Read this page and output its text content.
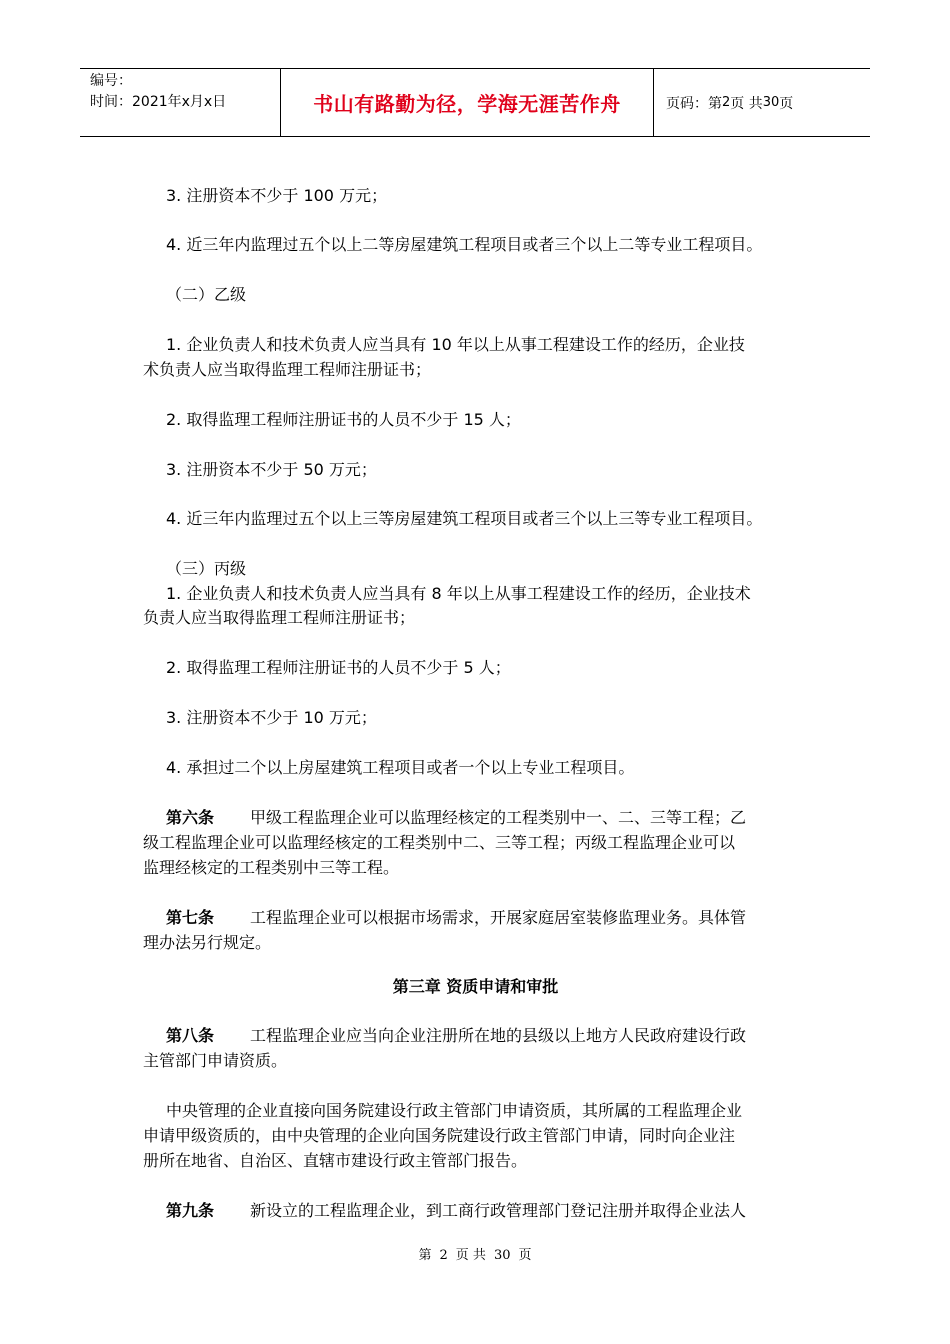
编号：
时间：2021年x月x日	书山有路勤为径，学海无涯苦作舟	页码：第 2 页 共 30 页
3. 注册资本不少于 100 万元；
4. 近三年内监理过五个以上二等房屋建筑工程项目或者三个以上二等专业工程项目。
（二）乙级
1. 企业负责人和技术负责人应当具有 10 年以上从事工程建设工作的经历，企业技
术负责人应当取得监理工程师注册证书；
2. 取得监理工程师注册证书的人员不少于 15 人；
3. 注册资本不少于 50 万元；
4. 近三年内监理过五个以上三等房屋建筑工程项目或者三个以上三等专业工程项目。
（三）丙级
1. 企业负责人和技术负责人应当具有 8 年以上从事工程建设工作的经历，企业技术
负责人应当取得监理工程师注册证书；
2. 取得监理工程师注册证书的人员不少于 5 人；
3. 注册资本不少于 10 万元；
4. 承担过二个以上房屋建筑工程项目或者一个以上专业工程项目。
第六条 甲级工程监理企业可以监理经核定的工程类别中一、二、三等工程；乙
级工程监理企业可以监理经核定的工程类别中二、三等工程；丙级工程监理企业可以
监理经核定的工程类别中三等工程。
第七条 工程监理企业可以根据市场需求，开展家庭居室装修监理业务。具体管
理办法另行规定。
第三章 资质申请和审批
第八条 工程监理企业应当向企业注册所在地的县级以上地方人民政府建设行政
主管部门申请资质。
中央管理的企业直接向国务院建设行政主管部门申请资质，其所属的工程监理企业
申请甲级资质的，由中央管理的企业向国务院建设行政主管部门申请，同时向企业注
册所在地省、自治区、直辖市建设行政主管部门报告。
第九条 新设立的工程监理企业，到工商行政管理部门登记注册并取得企业法人
第 2 页 共 30 页
